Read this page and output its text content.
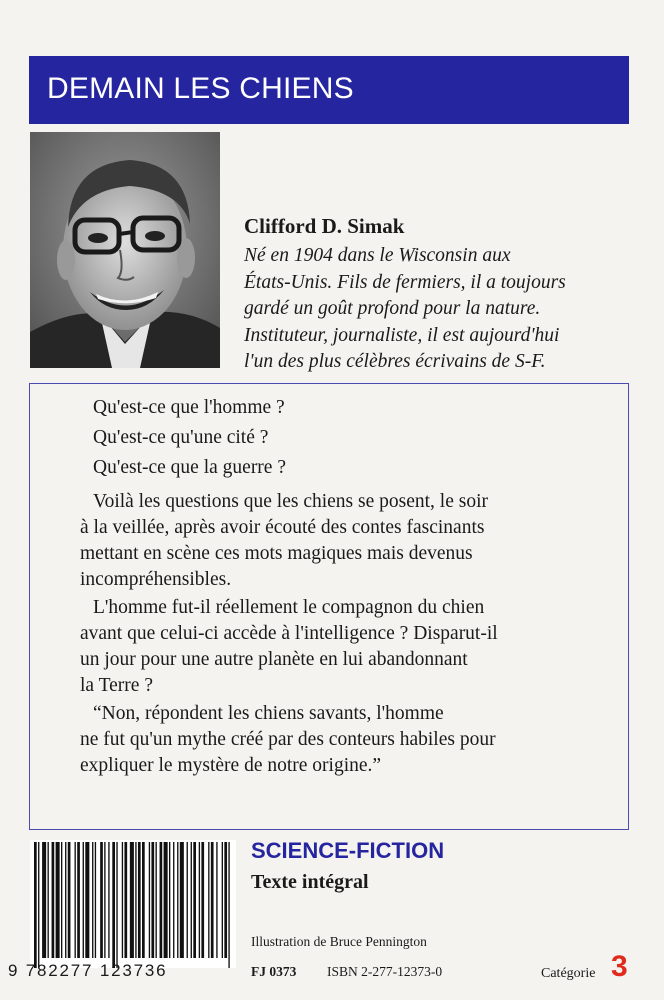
DEMAIN LES CHIENS
Clifford D. Simak
Né en 1904 dans le Wisconsin aux
États-Unis. Fils de fermiers, il a toujours
gardé un goût profond pour la nature.
Instituteur, journaliste, il est aujourd'hui
l'un des plus célèbres écrivains de S-F.
Qu'est-ce que l'homme ?
Qu'est-ce qu'une cité ?
Qu'est-ce que la guerre ?
Voilà les questions que les chiens se posent, le soir
à la veillée, après avoir écouté des contes fascinants
mettant en scène ces mots magiques mais devenus
incompréhensibles.
L'homme fut-il réellement le compagnon du chien
avant que celui-ci accède à l'intelligence ? Disparut-il
un jour pour une autre planète en lui abandonnant
la Terre ?
“Non, répondent les chiens savants, l'homme
ne fut qu'un mythe créé par des conteurs habiles pour
expliquer le mystère de notre origine.”
9 782277 123736
SCIENCE-FICTION
Texte intégral
Illustration de Bruce Pennington
FJ 0373 ISBN 2-277-12373-0	Catégorie 3
